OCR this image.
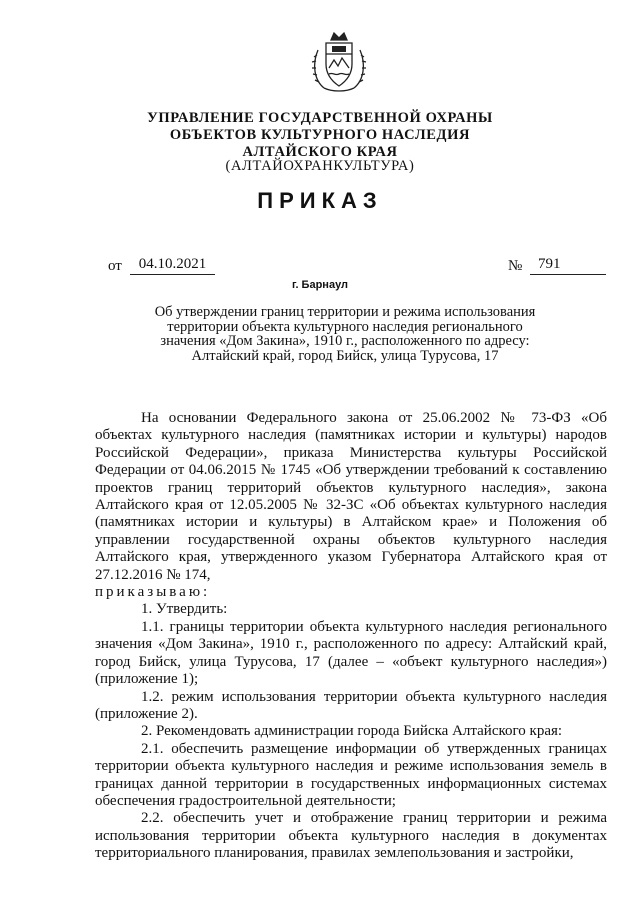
УПРАВЛЕНИЕ ГОСУДАРСТВЕННОЙ ОХРАНЫ
ОБЪЕКТОВ КУЛЬТУРНОГО НАСЛЕДИЯ
АЛТАЙСКОГО КРАЯ
(АЛТАЙОХРАНКУЛЬТУРА)
ПРИКАЗ
от	04.10.2021	№	791
г. Барнаул
Об утверждении границ территории и режима использования
территории объекта культурного наследия регионального
значения «Дом Закина», 1910 г., расположенного по адресу:
Алтайский край, город Бийск, улица Турусова, 17

На основании Федерального закона от 25.06.2002 № 73-ФЗ «Об объектах культурного наследия (памятниках истории и культуры) народов Российской Федерации», приказа Министерства культуры Российской Федерации от 04.06.2015 № 1745 «Об утверждении требований к составлению проектов границ территорий объектов культурного наследия», закона Алтайского края от 12.05.2005 № 32-ЗС «Об объектах культурного наследия (памятниках истории и культуры) в Алтайском крае» и Положения об управлении государственной охраны объектов культурного наследия Алтайского края, утвержденного указом Губернатора Алтайского края от 27.12.2016 № 174,

приказываю:

1. Утвердить:

1.1. границы территории объекта культурного наследия регионального значения «Дом Закина», 1910 г., расположенного по адресу: Алтайский край, город Бийск, улица Турусова, 17 (далее – «объект культурного наследия») (приложение 1);

1.2. режим использования территории объекта культурного наследия (приложение 2).

2. Рекомендовать администрации города Бийска Алтайского края:

2.1. обеспечить размещение информации об утвержденных границах территории объекта культурного наследия и режиме использования земель в границах данной территории в государственных информационных системах обеспечения градостроительной деятельности;

2.2. обеспечить учет и отображение границ территории и режима использования территории объекта культурного наследия в документах территориального планирования, правилах землепользования и застройки,
